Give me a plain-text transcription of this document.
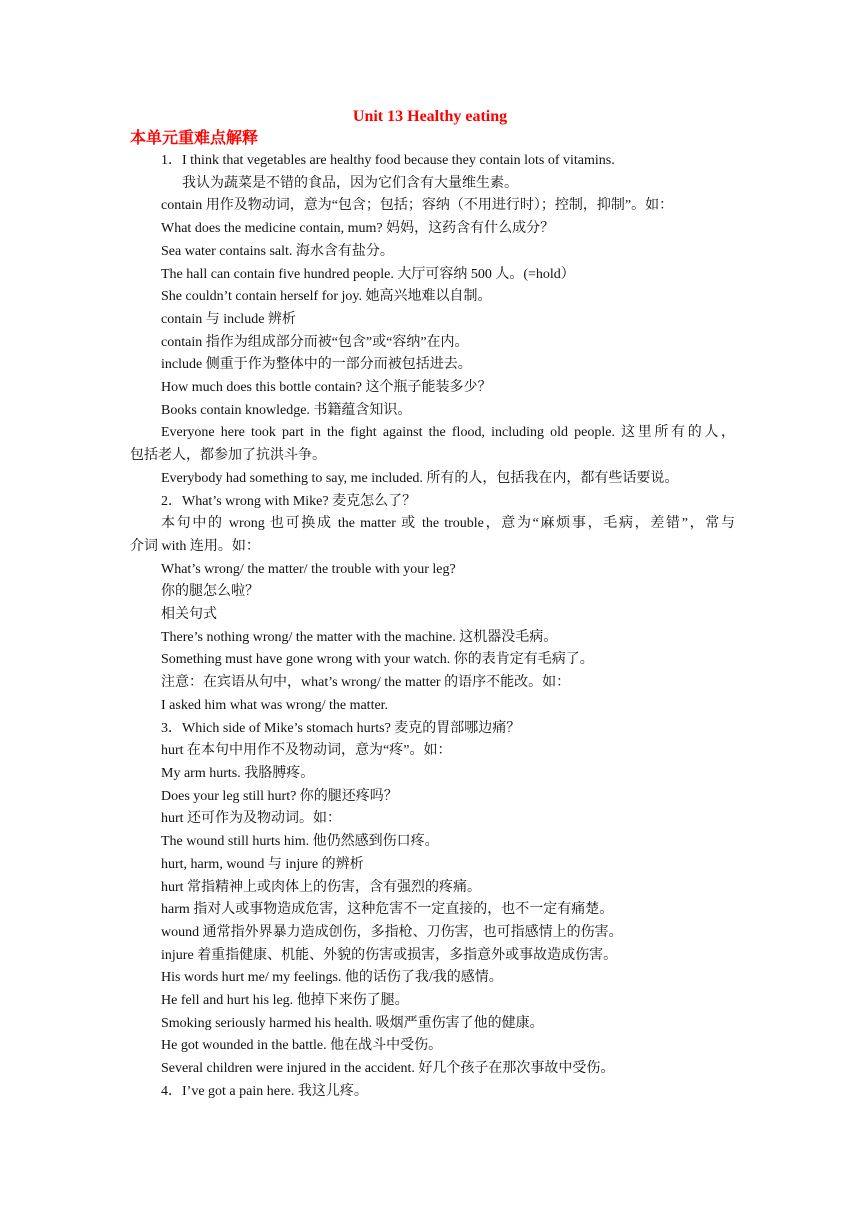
Unit 13 Healthy eating
本单元重难点解释
1．I think that vegetables are healthy food because they contain lots of vitamins.
我认为蔬菜是不错的食品，因为它们含有大量维生素。
contain 用作及物动词，意为“包含；包括；容纳（不用进行时）；控制，抑制”。如：
What does the medicine contain, mum? 妈妈，这药含有什么成分？
Sea water contains salt. 海水含有盐分。
The hall can contain five hundred people. 大厅可容纳 500 人。(=hold）
She couldn’t contain herself for joy. 她高兴地难以自制。
contain 与 include 辨析
contain 指作为组成部分而被“包含”或“容纳”在内。
include 侧重于作为整体中的一部分而被包括进去。
How much does this bottle contain? 这个瓶子能装多少？
Books contain knowledge. 书籍蕴含知识。
Everyone here took part in the fight against the flood, including old people. 这里所有的人，
包括老人，都参加了抗洪斗争。
Everybody had something to say, me included. 所有的人，包括我在内，都有些话要说。
2．What’s wrong with Mike? 麦克怎么了？
本句中的 wrong 也可换成 the matter 或 the trouble，意为“麻烦事，毛病，差错”，常与
介词 with 连用。如：
What’s wrong/ the matter/ the trouble with your leg?
你的腿怎么啦？
相关句式
There’s nothing wrong/ the matter with the machine. 这机器没毛病。
Something must have gone wrong with your watch. 你的表肯定有毛病了。
注意：在宾语从句中，what’s wrong/ the matter 的语序不能改。如：
I asked him what was wrong/ the matter.
3．Which side of Mike’s stomach hurts? 麦克的胃部哪边痛？
hurt 在本句中用作不及物动词，意为“疼”。如：
My arm hurts. 我胳膊疼。
Does your leg still hurt? 你的腿还疼吗？
hurt 还可作为及物动词。如：
The wound still hurts him. 他仍然感到伤口疼。
hurt, harm, wound 与 injure 的辨析
hurt 常指精神上或肉体上的伤害，含有强烈的疼痛。
harm 指对人或事物造成危害，这种危害不一定直接的，也不一定有痛楚。
wound 通常指外界暴力造成创伤，多指枪、刀伤害，也可指感情上的伤害。
injure 着重指健康、机能、外貌的伤害或损害，多指意外或事故造成伤害。
His words hurt me/ my feelings. 他的话伤了我/我的感情。
He fell and hurt his leg. 他掉下来伤了腿。
Smoking seriously harmed his health. 吸烟严重伤害了他的健康。
He got wounded in the battle. 他在战斗中受伤。
Several children were injured in the accident. 好几个孩子在那次事故中受伤。
4．I’ve got a pain here. 我这儿疼。
